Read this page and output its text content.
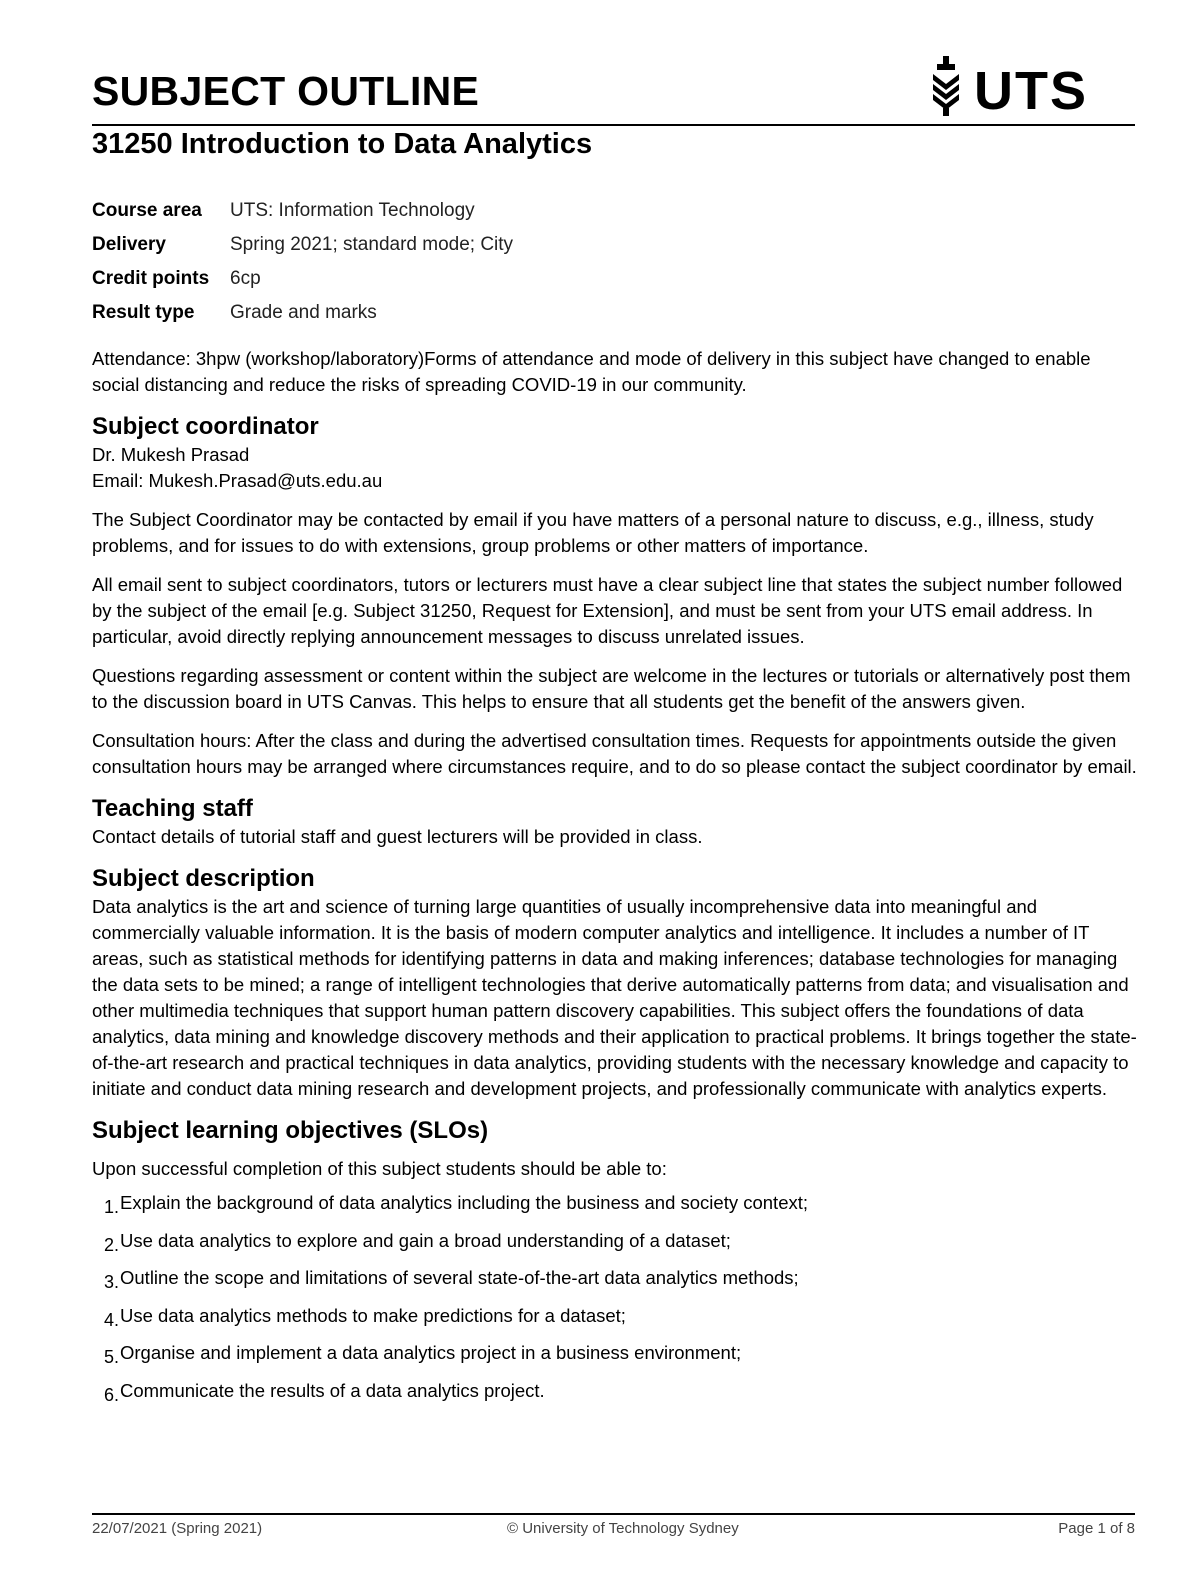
SUBJECT OUTLINE	UTS
31250 Introduction to Data Analytics
Course area	UTS: Information Technology
Delivery	Spring 2021; standard mode; City
Credit points	6cp
Result type	Grade and marks

Attendance: 3hpw (workshop/laboratory)Forms of attendance and mode of delivery in this subject have changed to enable social distancing and reduce the risks of spreading COVID-19 in our community.

Subject coordinator

Dr. Mukesh Prasad

Email: Mukesh.Prasad@uts.edu.au

The Subject Coordinator may be contacted by email if you have matters of a personal nature to discuss, e.g., illness, study problems, and for issues to do with extensions, group problems or other matters of importance.

All email sent to subject coordinators, tutors or lecturers must have a clear subject line that states the subject number followed by the subject of the email [e.g. Subject 31250, Request for Extension], and must be sent from your UTS email address. In particular, avoid directly replying announcement messages to discuss unrelated issues.

Questions regarding assessment or content within the subject are welcome in the lectures or tutorials or alternatively post them to the discussion board in UTS Canvas. This helps to ensure that all students get the benefit of the answers given.

Consultation hours: After the class and during the advertised consultation times. Requests for appointments outside the given consultation hours may be arranged where circumstances require, and to do so please contact the subject coordinator by email.

Teaching staff

Contact details of tutorial staff and guest lecturers will be provided in class.

Subject description

Data analytics is the art and science of turning large quantities of usually incomprehensive data into meaningful and commercially valuable information. It is the basis of modern computer analytics and intelligence. It includes a number of IT areas, such as statistical methods for identifying patterns in data and making inferences; database technologies for managing the data sets to be mined; a range of intelligent technologies that derive automatically patterns from data; and visualisation and other multimedia techniques that support human pattern discovery capabilities. This subject offers the foundations of data analytics, data mining and knowledge discovery methods and their application to practical problems. It brings together the state-of-the-art research and practical techniques in data analytics, providing students with the necessary knowledge and capacity to initiate and conduct data mining research and development projects, and professionally communicate with analytics experts.

Subject learning objectives (SLOs)

Upon successful completion of this subject students should be able to:

1. Explain the background of data analytics including the business and society context;
2. Use data analytics to explore and gain a broad understanding of a dataset;
3. Outline the scope and limitations of several state-of-the-art data analytics methods;
4. Use data analytics methods to make predictions for a dataset;
5. Organise and implement a data analytics project in a business environment;
6. Communicate the results of a data analytics project.
22/07/2021 (Spring 2021)	© University of Technology Sydney	Page 1 of 8
